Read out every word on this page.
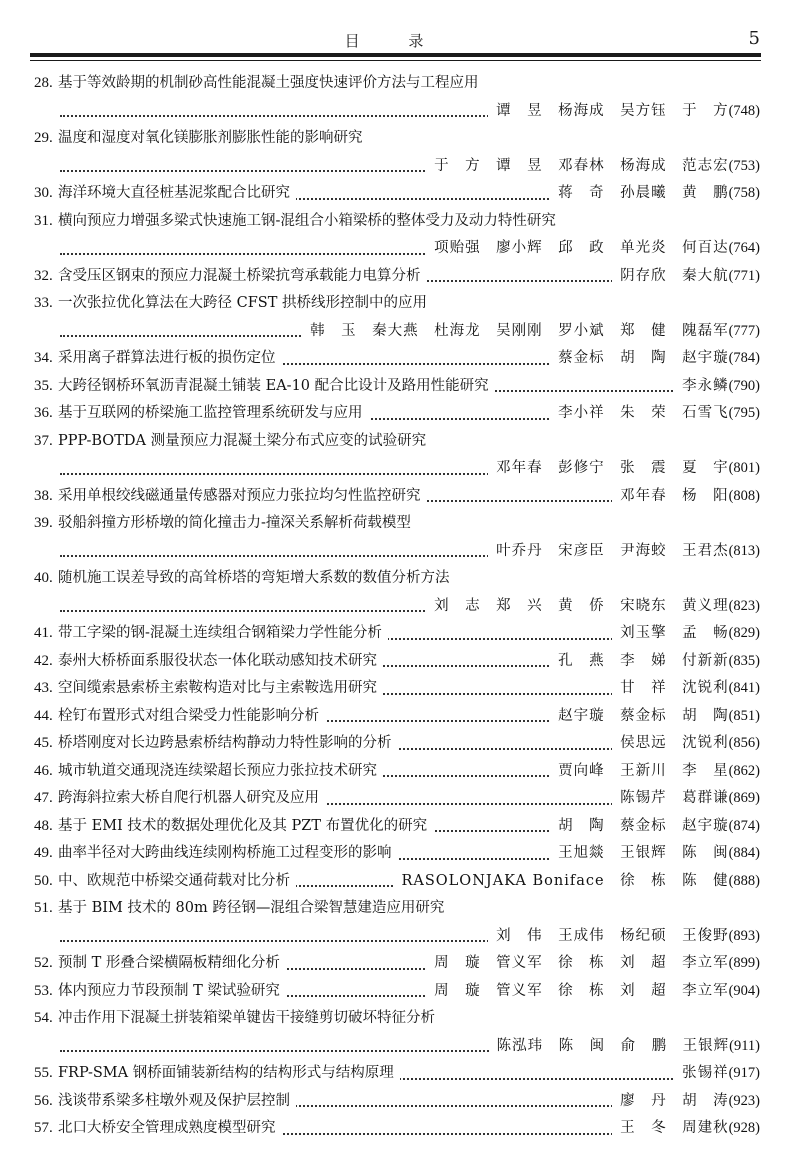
目 录	5
28. 基于等效龄期的机制砂高性能混凝土强度快速评价方法与工程应用
谭　昱　杨海成　吴方钰　于　方(748)
29. 温度和湿度对氧化镁膨胀剂膨胀性能的影响研究
于　方　谭　昱　邓春林　杨海成　范志宏(753)
30. 海洋环境大直径桩基泥浆配合比研究	蒋　奇　孙晨曦　黄　鹏(758)
31. 横向预应力增强多梁式快速施工钢-混组合小箱梁桥的整体受力及动力特性研究
项贻强　廖小辉　邱　政　单光炎　何百达(764)
32. 含受压区钢束的预应力混凝土桥梁抗弯承载能力电算分析	阴存欣　秦大航(771)
33. 一次张拉优化算法在大跨径 CFST 拱桥线形控制中的应用
韩　玉　秦大燕　杜海龙　吴刚刚　罗小斌　郑　健　隗磊军(777)
34. 采用离子群算法进行板的损伤定位	蔡金标　胡　陶　赵宇璇(784)
35. 大跨径钢桥环氧沥青混凝土铺装 EA-10 配合比设计及路用性能研究	李永鳞(790)
36. 基于互联网的桥梁施工监控管理系统研发与应用	李小祥　朱　荣　石雪飞(795)
37. PPP-BOTDA 测量预应力混凝土梁分布式应变的试验研究
邓年春　彭修宁　张　震　夏　宇(801)
38. 采用单根绞线磁通量传感器对预应力张拉均匀性监控研究	邓年春　杨　阳(808)
39. 驳船斜撞方形桥墩的简化撞击力-撞深关系解析荷载模型
叶乔丹　宋彦臣　尹海蛟　王君杰(813)
40. 随机施工误差导致的高耸桥塔的弯矩增大系数的数值分析方法
刘　志　郑　兴　黄　侨　宋晓东　黄义理(823)
41. 带工字梁的钢-混凝土连续组合钢箱梁力学性能分析	刘玉擎　孟　畅(829)
42. 泰州大桥桥面系服役状态一体化联动感知技术研究	孔　燕　李　娣　付新新(835)
43. 空间缆索悬索桥主索鞍构造对比与主索鞍选用研究	甘　祥　沈锐利(841)
44. 栓钉布置形式对组合梁受力性能影响分析	赵宇璇　蔡金标　胡　陶(851)
45. 桥塔刚度对长边跨悬索桥结构静动力特性影响的分析	侯思远　沈锐利(856)
46. 城市轨道交通现浇连续梁超长预应力张拉技术研究	贾向峰　王新川　李　星(862)
47. 跨海斜拉索大桥自爬行机器人研究及应用	陈锡芹　葛群谦(869)
48. 基于 EMI 技术的数据处理优化及其 PZT 布置优化的研究	胡　陶　蔡金标　赵宇璇(874)
49. 曲率半径对大跨曲线连续刚构桥施工过程变形的影响	王旭燚　王银辉　陈　闽(884)
50. 中、欧规范中桥梁交通荷载对比分析	RASOLONJAKA Boniface　徐　栋　陈　健(888)
51. 基于 BIM 技术的 80m 跨径钢—混组合梁智慧建造应用研究
刘　伟　王成伟　杨纪硕　王俊野(893)
52. 预制 T 形叠合梁横隔板精细化分析	周　璇　管义军　徐　栋　刘　超　李立军(899)
53. 体内预应力节段预制 T 梁试验研究	周　璇　管义军　徐　栋　刘　超　李立军(904)
54. 冲击作用下混凝土拼装箱梁单键齿干接缝剪切破坏特征分析
陈泓玮　陈　闽　俞　鹏　王银辉(911)
55. FRP-SMA 钢桥面铺装新结构的结构形式与结构原理	张锡祥(917)
56. 浅谈带系梁多柱墩外观及保护层控制	廖　丹　胡　涛(923)
57. 北口大桥安全管理成熟度模型研究	王　冬　周建秋(928)
